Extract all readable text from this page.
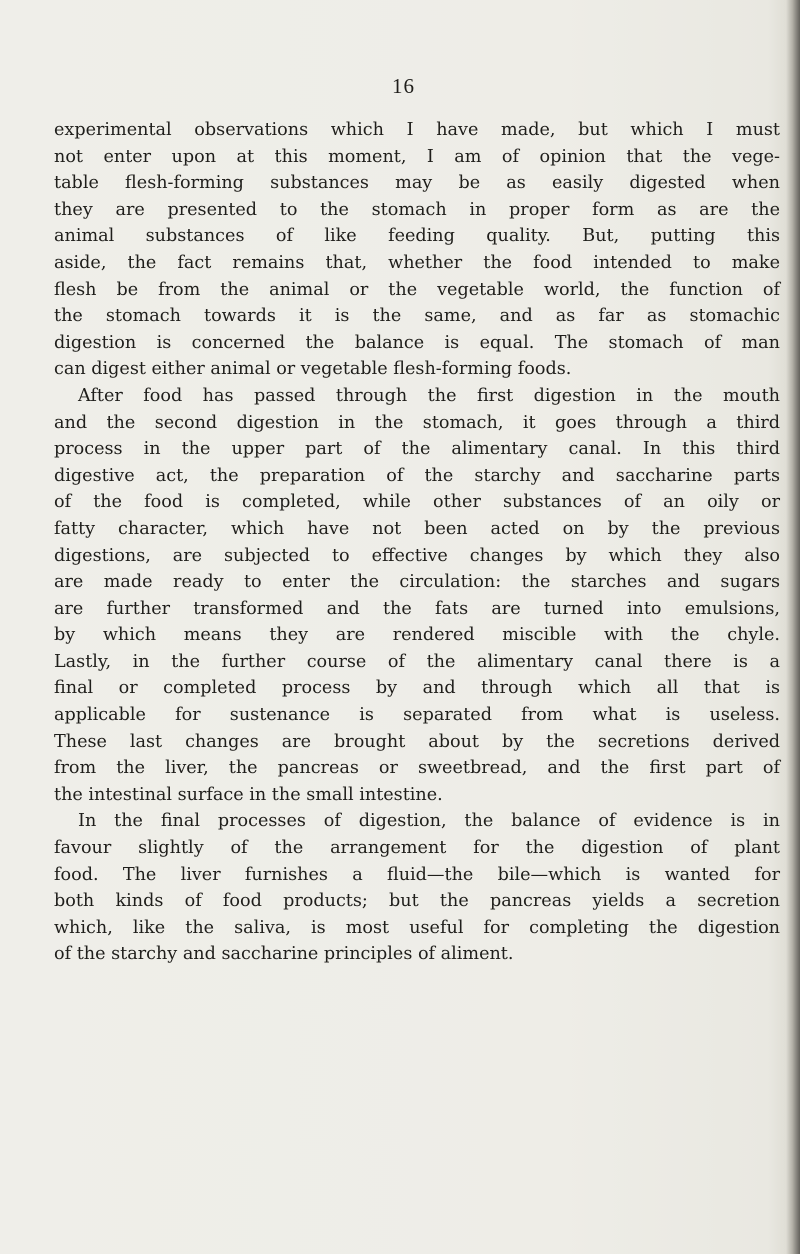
16
experimental observations which I have made, but which I must
not enter upon at this moment, I am of opinion that the vege-
table flesh-forming substances may be as easily digested when
they are presented to the stomach in proper form as are the
animal substances of like feeding quality. But, putting this
aside, the fact remains that, whether the food intended to make
flesh be from the animal or the vegetable world, the function of
the stomach towards it is the same, and as far as stomachic
digestion is concerned the balance is equal. The stomach of man
can digest either animal or vegetable flesh-forming foods.
After food has passed through the first digestion in the mouth
and the second digestion in the stomach, it goes through a third
process in the upper part of the alimentary canal. In this third
digestive act, the preparation of the starchy and saccharine parts
of the food is completed, while other substances of an oily or
fatty character, which have not been acted on by the previous
digestions, are subjected to effective changes by which they also
are made ready to enter the circulation: the starches and sugars
are further transformed and the fats are turned into emulsions,
by which means they are rendered miscible with the chyle.
Lastly, in the further course of the alimentary canal there is a
final or completed process by and through which all that is
applicable for sustenance is separated from what is useless.
These last changes are brought about by the secretions derived
from the liver, the pancreas or sweetbread, and the first part of
the intestinal surface in the small intestine.
In the final processes of digestion, the balance of evidence is in
favour slightly of the arrangement for the digestion of plant
food. The liver furnishes a fluid—the bile—which is wanted for
both kinds of food products; but the pancreas yields a secretion
which, like the saliva, is most useful for completing the digestion
of the starchy and saccharine principles of aliment.
